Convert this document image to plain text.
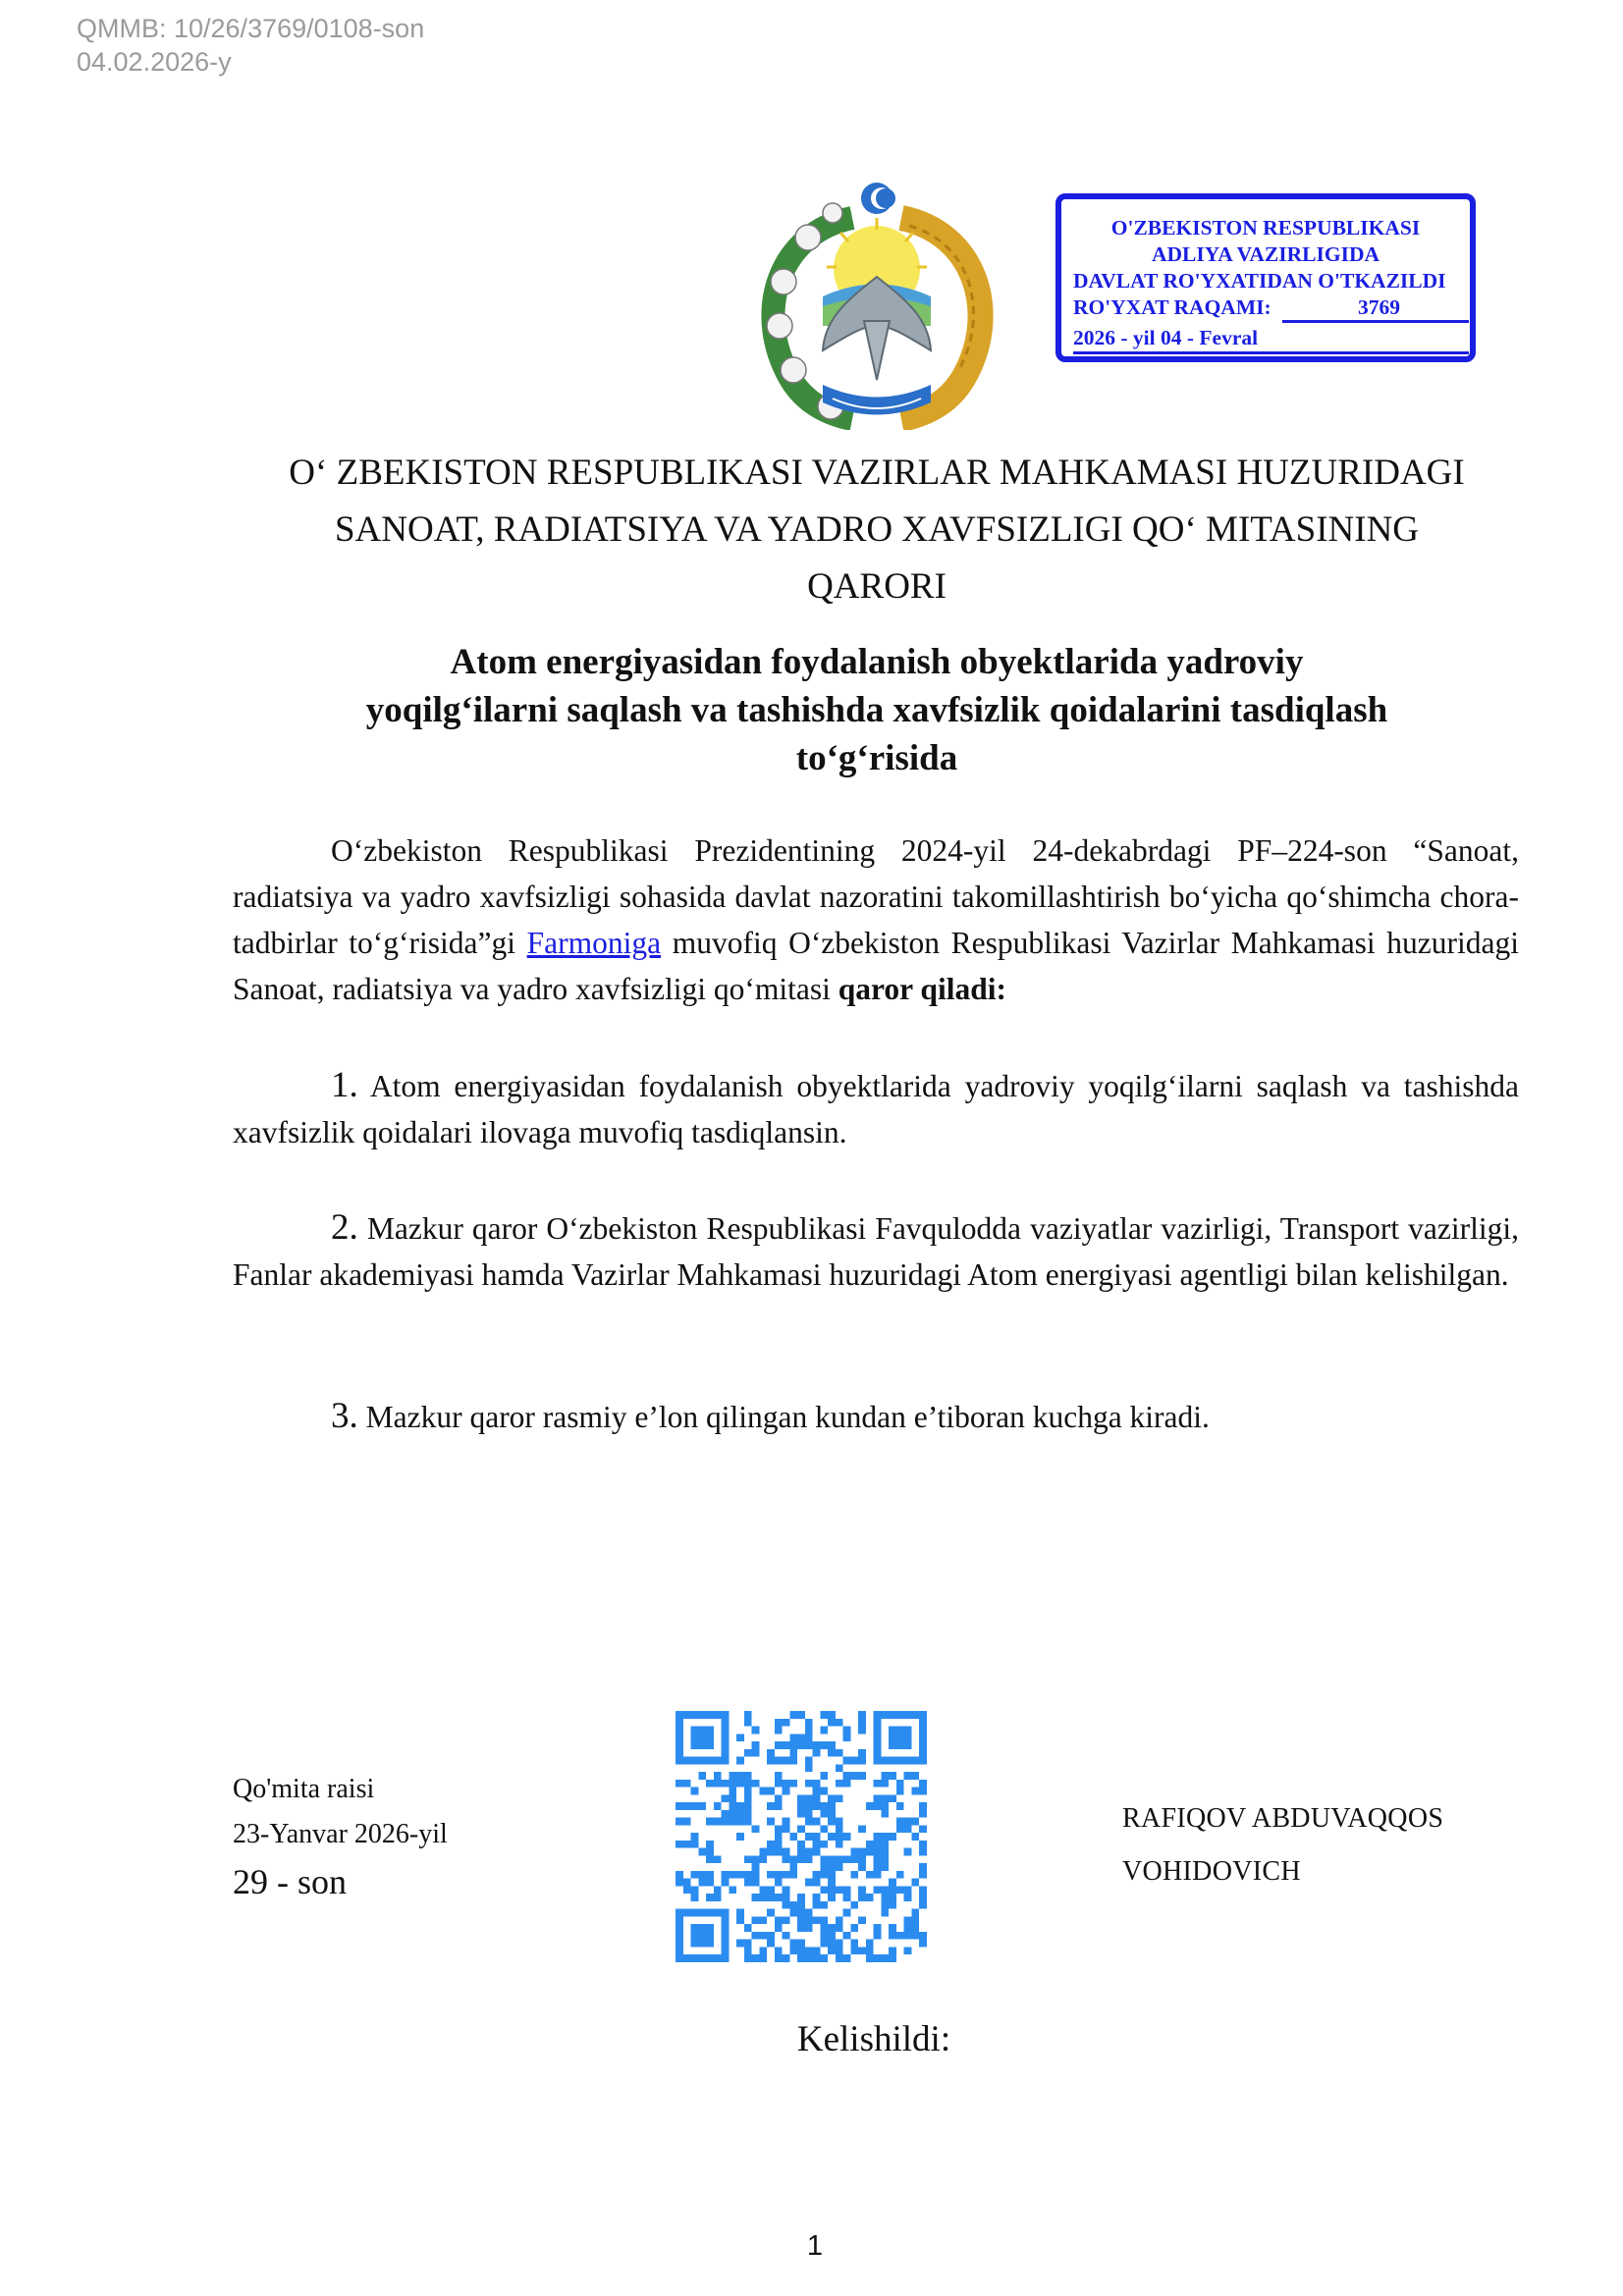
QMMB: 10/26/3769/0108-son
04.02.2026-y
O'ZBEKISTON RESPUBLIKASI
ADLIYA VAZIRLIGIDA
DAVLAT RO'YXATIDAN O'TKAZILDI
RO'YXAT RAQAMI:	3769
2026 - yil 04 - Fevral
Oʻ ZBEKISTON RESPUBLIKASI VAZIRLAR MAHKAMASI HUZURIDAGI
SANOAT, RADIATSIYA VA YADRO XAVFSIZLIGI QOʻ MITASINING
QARORI
Atom energiyasidan foydalanish obyektlarida yadroviy
yoqilgʻilarni saqlash va tashishda xavfsizlik qoidalarini tasdiqlash
toʻgʻrisida

Oʻzbekiston Respublikasi Prezidentining 2024-yil 24-dekabrdagi PF–224-son “Sanoat, radiatsiya va yadro xavfsizligi sohasida davlat nazoratini takomillashtirish boʻyicha qoʻshimcha chora-tadbirlar toʻgʻrisida”gi Farmoniga muvofiq Oʻzbekiston Respublikasi Vazirlar Mahkamasi huzuridagi Sanoat, radiatsiya va yadro xavfsizligi qoʻmitasi qaror qiladi:

1. Atom energiyasidan foydalanish obyektlarida yadroviy yoqilgʻilarni saqlash va tashishda xavfsizlik qoidalari ilovaga muvofiq tasdiqlansin.

2. Mazkur qaror Oʻzbekiston Respublikasi Favqulodda vaziyatlar vazirligi, Transport vazirligi, Fanlar akademiyasi hamda Vazirlar Mahkamasi huzuridagi Atom energiyasi agentligi bilan kelishilgan.

3. Mazkur qaror rasmiy e’lon qilingan kundan e’tiboran kuchga kiradi.

Qo'mita raisi
23-Yanvar 2026-yil
29 - son
RAFIQOV ABDUVAQQOS
VOHIDOVICH
Kelishildi:
1
